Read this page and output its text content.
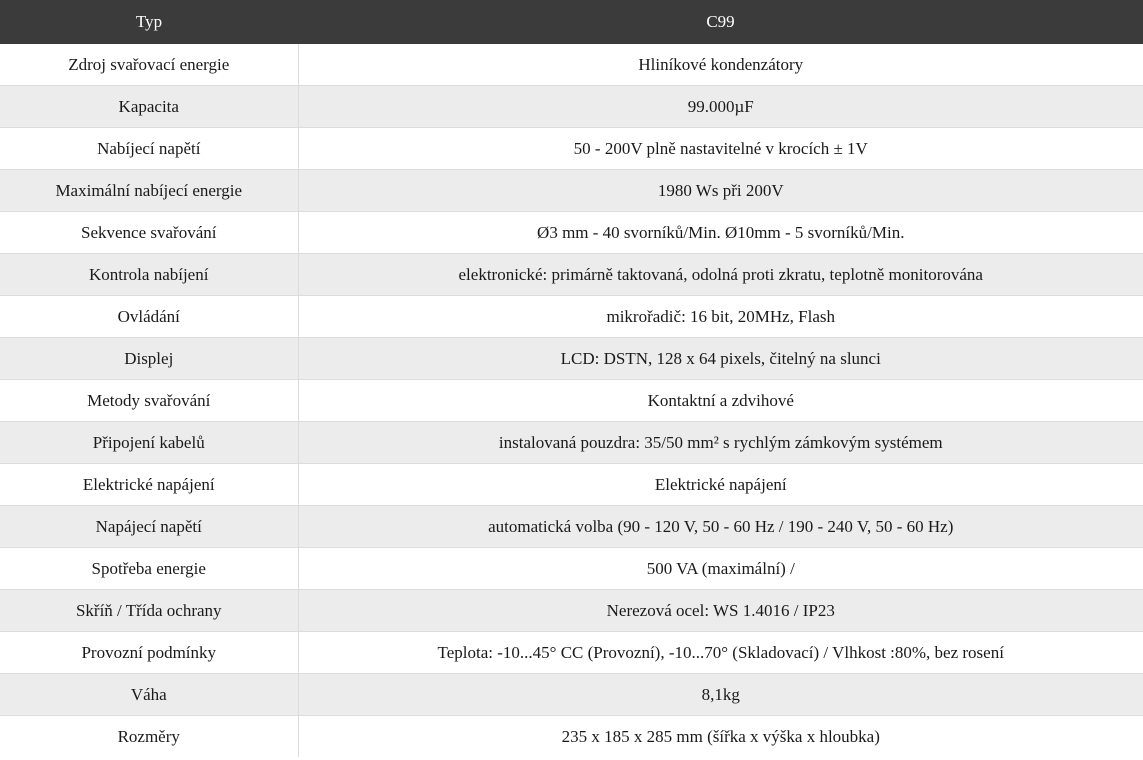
Typ	C99
Zdroj svařovací energie	Hliníkové kondenzátory
Kapacita	99.000µF
Nabíjecí napětí	50 - 200V plně nastavitelné v krocích ± 1V
Maximální nabíjecí energie	1980 Ws při 200V
Sekvence svařování	Ø3 mm - 40 svorníků/Min. Ø10mm - 5 svorníků/Min.
Kontrola nabíjení	elektronické: primárně taktovaná, odolná proti zkratu, teplotně monitorována
Ovládání	mikrořadič: 16 bit, 20MHz, Flash
Displej	LCD: DSTN, 128 x 64 pixels, čitelný na slunci
Metody svařování	Kontaktní a zdvihové
Připojení kabelů	instalovaná pouzdra: 35/50 mm² s rychlým zámkovým systémem
Elektrické napájení	Elektrické napájení
Napájecí napětí	automatická volba (90 - 120 V, 50 - 60 Hz / 190 - 240 V, 50 - 60 Hz)
Spotřeba energie	500 VA (maximální) /
Skříň / Třída ochrany	Nerezová ocel: WS 1.4016 / IP23
Provozní podmínky	Teplota: -10...45° CC (Provozní), -10...70° (Skladovací) / Vlhkost :80%, bez rosení
Váha	8,1kg
Rozměry	235 x 185 x 285 mm (šířka x výška x hloubka)
